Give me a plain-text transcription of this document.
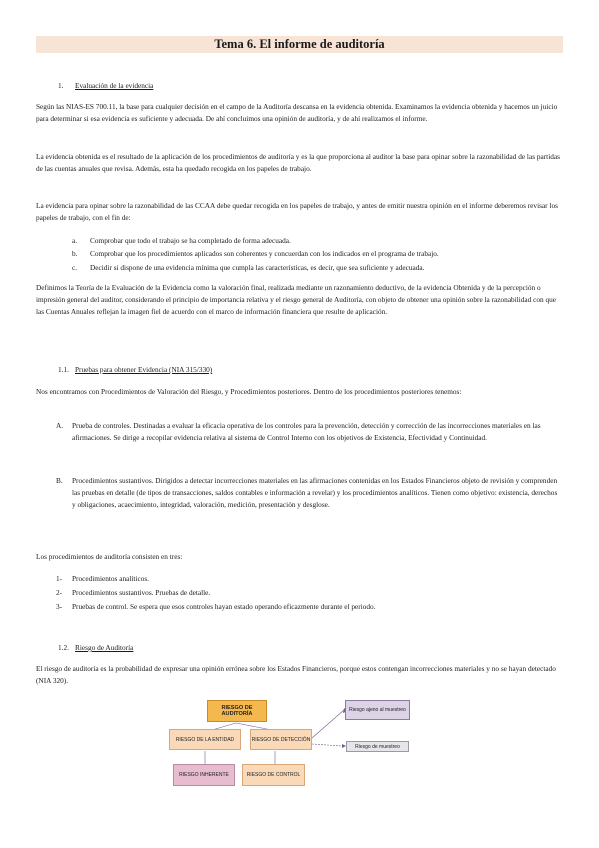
Tema 6. El informe de auditoría
1. Evaluación de la evidencia
Según las NIAS-ES 700.11, la base para cualquier decisión en el campo de la Auditoría descansa en la evidencia obtenida. Examinamos la evidencia obtenida y hacemos un juicio para determinar si esa evidencia es suficiente y adecuada. De ahí concluimos una opinión de auditoría, y de ahí realizamos el informe.
La evidencia obtenida es el resultado de la aplicación de los procedimientos de auditoría y es la que proporciona al auditor la base para opinar sobre la razonabilidad de las partidas de las cuentas anuales que revisa. Además, esta ha quedado recogida en los papeles de trabajo.
La evidencia para opinar sobre la razonabilidad de las CCAA debe quedar recogida en los papeles de trabajo, y antes de emitir nuestra opinión en el informe deberemos revisar los papeles de trabajo, con el fin de:
a. Comprobar que todo el trabajo se ha completado de forma adecuada.
b. Comprobar que los procedimientos aplicados son coherentes y concuerdan con los indicados en el programa de trabajo.
c. Decidir si dispone de una evidencia mínima que cumpla las características, es decir, que sea suficiente y adecuada.
Definimos la Teoría de la Evaluación de la Evidencia como la valoración final, realizada mediante un razonamiento deductivo, de la evidencia Obtenida y de la percepción o impresión general del auditor, considerando el principio de importancia relativa y el riesgo general de Auditoría, con objeto de obtener una opinión sobre la razonabilidad con que las Cuentas Anuales reflejan la imagen fiel de acuerdo con el marco de información financiera que resulte de aplicación.
1.1. Pruebas para obtener Evidencia (NIA 315/330)
Nos encontramos con Procedimientos de Valoración del Riesgo, y Procedimientos posteriores. Dentro de los procedimientos posteriores tenemos:
A. Prueba de controles. Destinadas a evaluar la eficacia operativa de los controles para la prevención, detección y corrección de las incorrecciones materiales en las afirmaciones. Se dirige a recopilar evidencia relativa al sistema de Control Interno con los objetivos de Existencia, Efectividad y Continuidad.
B. Procedimientos sustantivos. Dirigidos a detectar incorrecciones materiales en las afirmaciones contenidas en los Estados Financieros objeto de revisión y comprenden las pruebas en detalle (de tipos de transacciones, saldos contables e información a revelar) y los procedimientos analíticos. Tienen como objetivo: existencia, derechos y obligaciones, acaecimiento, integridad, valoración, medición, presentación y desglose.
Los procedimientos de auditoría consisten en tres:
1- Procedimientos analíticos.
2- Procedimientos sustantivos. Pruebas de detalle.
3- Pruebas de control. Se espera que esos controles hayan estado operando eficazmente durante el periodo.
1.2. Riesgo de Auditoría
El riesgo de auditoría es la probabilidad de expresar una opinión errónea sobre los Estados Financieros, porque estos contengan incorrecciones materiales y no se hayan detectado (NIA 320).
RIESGO DE AUDITORÍA
RIESGO DE LA ENTIDAD	RIESGO DE DETECCIÓN
RIESGO INHERENTE	RIESGO DE CONTROL
Riesgo ajeno al muestreo
Riesgo de muestreo
